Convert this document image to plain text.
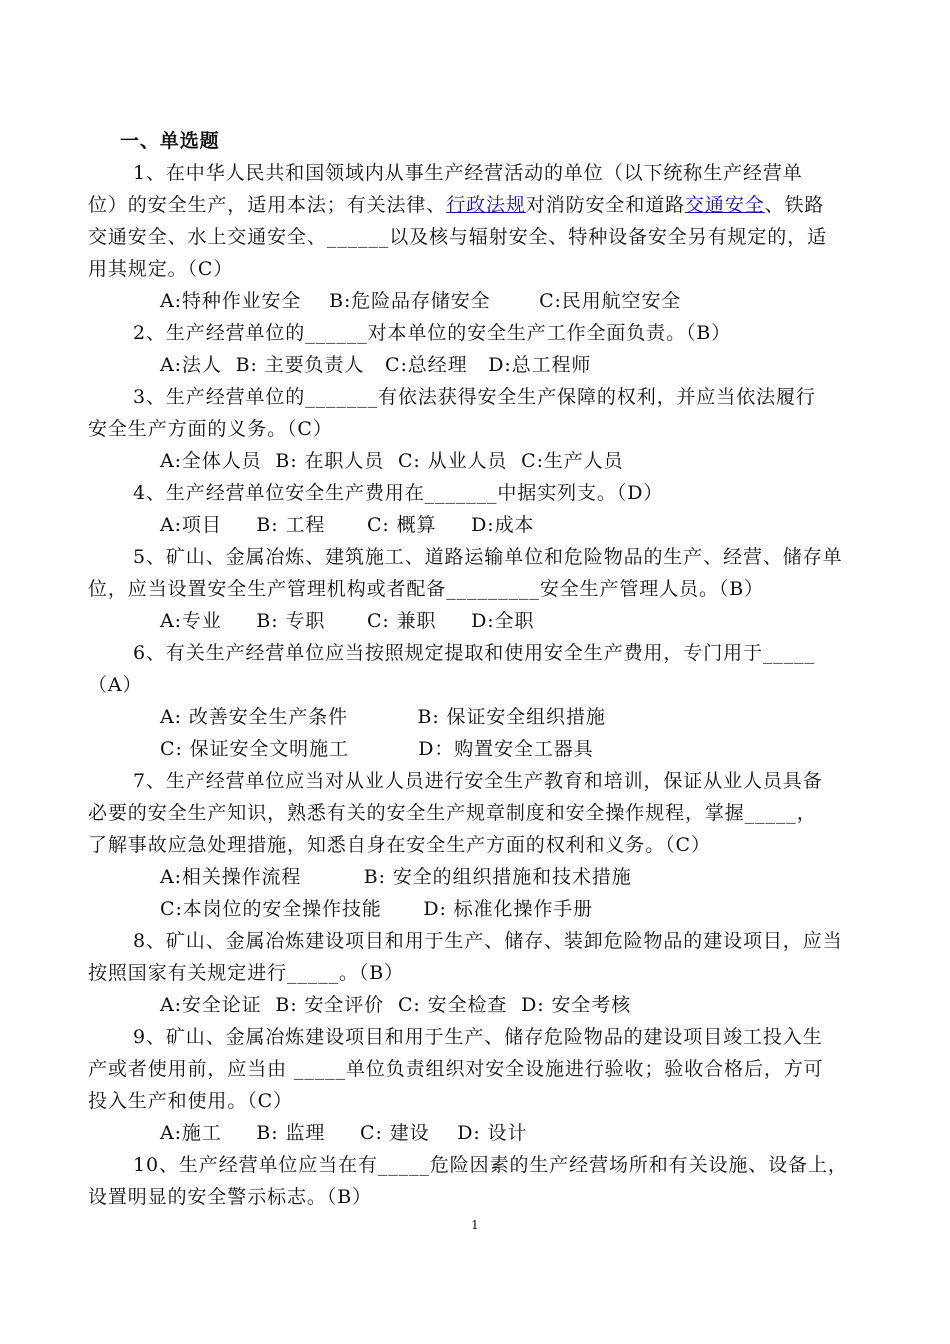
一、单选题
1、在中华人民共和国领域内从事生产经营活动的单位（以下统称生产经营单
位）的安全生产，适用本法；有关法律、行政法规对消防安全和道路交通安全、铁路
交通安全、水上交通安全、______以及核与辐射安全、特种设备安全另有规定的，适
用其规定。（C）
A:特种作业安全    B:危险品存储安全       C:民用航空安全
2、生产经营单位的______对本单位的安全生产工作全面负责。（B）
A:法人  B: 主要负责人   C:总经理   D:总工程师
3、生产经营单位的_______有依法获得安全生产保障的权利，并应当依法履行
安全生产方面的义务。（C）
A:全体人员  B: 在职人员  C: 从业人员  C:生产人员
4、生产经营单位安全生产费用在_______中据实列支。（D）
A:项目     B: 工程      C: 概算     D:成本
5、矿山、金属冶炼、建筑施工、道路运输单位和危险物品的生产、经营、储存单
位，应当设置安全生产管理机构或者配备_________安全生产管理人员。（B）
A:专业     B: 专职      C: 兼职     D:全职
6、有关生产经营单位应当按照规定提取和使用安全生产费用，专门用于_____
（A）
A: 改善安全生产条件          B: 保证安全组织措施
C: 保证安全文明施工          D：购置安全工器具
7、生产经营单位应当对从业人员进行安全生产教育和培训，保证从业人员具备
必要的安全生产知识，熟悉有关的安全生产规章制度和安全操作规程，掌握_____，
了解事故应急处理措施，知悉自身在安全生产方面的权利和义务。（C）
A:相关操作流程         B: 安全的组织措施和技术措施
C:本岗位的安全操作技能      D: 标准化操作手册
8、矿山、金属冶炼建设项目和用于生产、储存、装卸危险物品的建设项目，应当
按照国家有关规定进行_____。（B）
A:安全论证  B: 安全评价  C: 安全检查  D: 安全考核
9、矿山、金属冶炼建设项目和用于生产、储存危险物品的建设项目竣工投入生
产或者使用前，应当由 _____单位负责组织对安全设施进行验收；验收合格后，方可
投入生产和使用。（C）
A:施工     B: 监理     C: 建设    D: 设计
10、生产经营单位应当在有_____危险因素的生产经营场所和有关设施、设备上，
设置明显的安全警示标志。（B）
1
